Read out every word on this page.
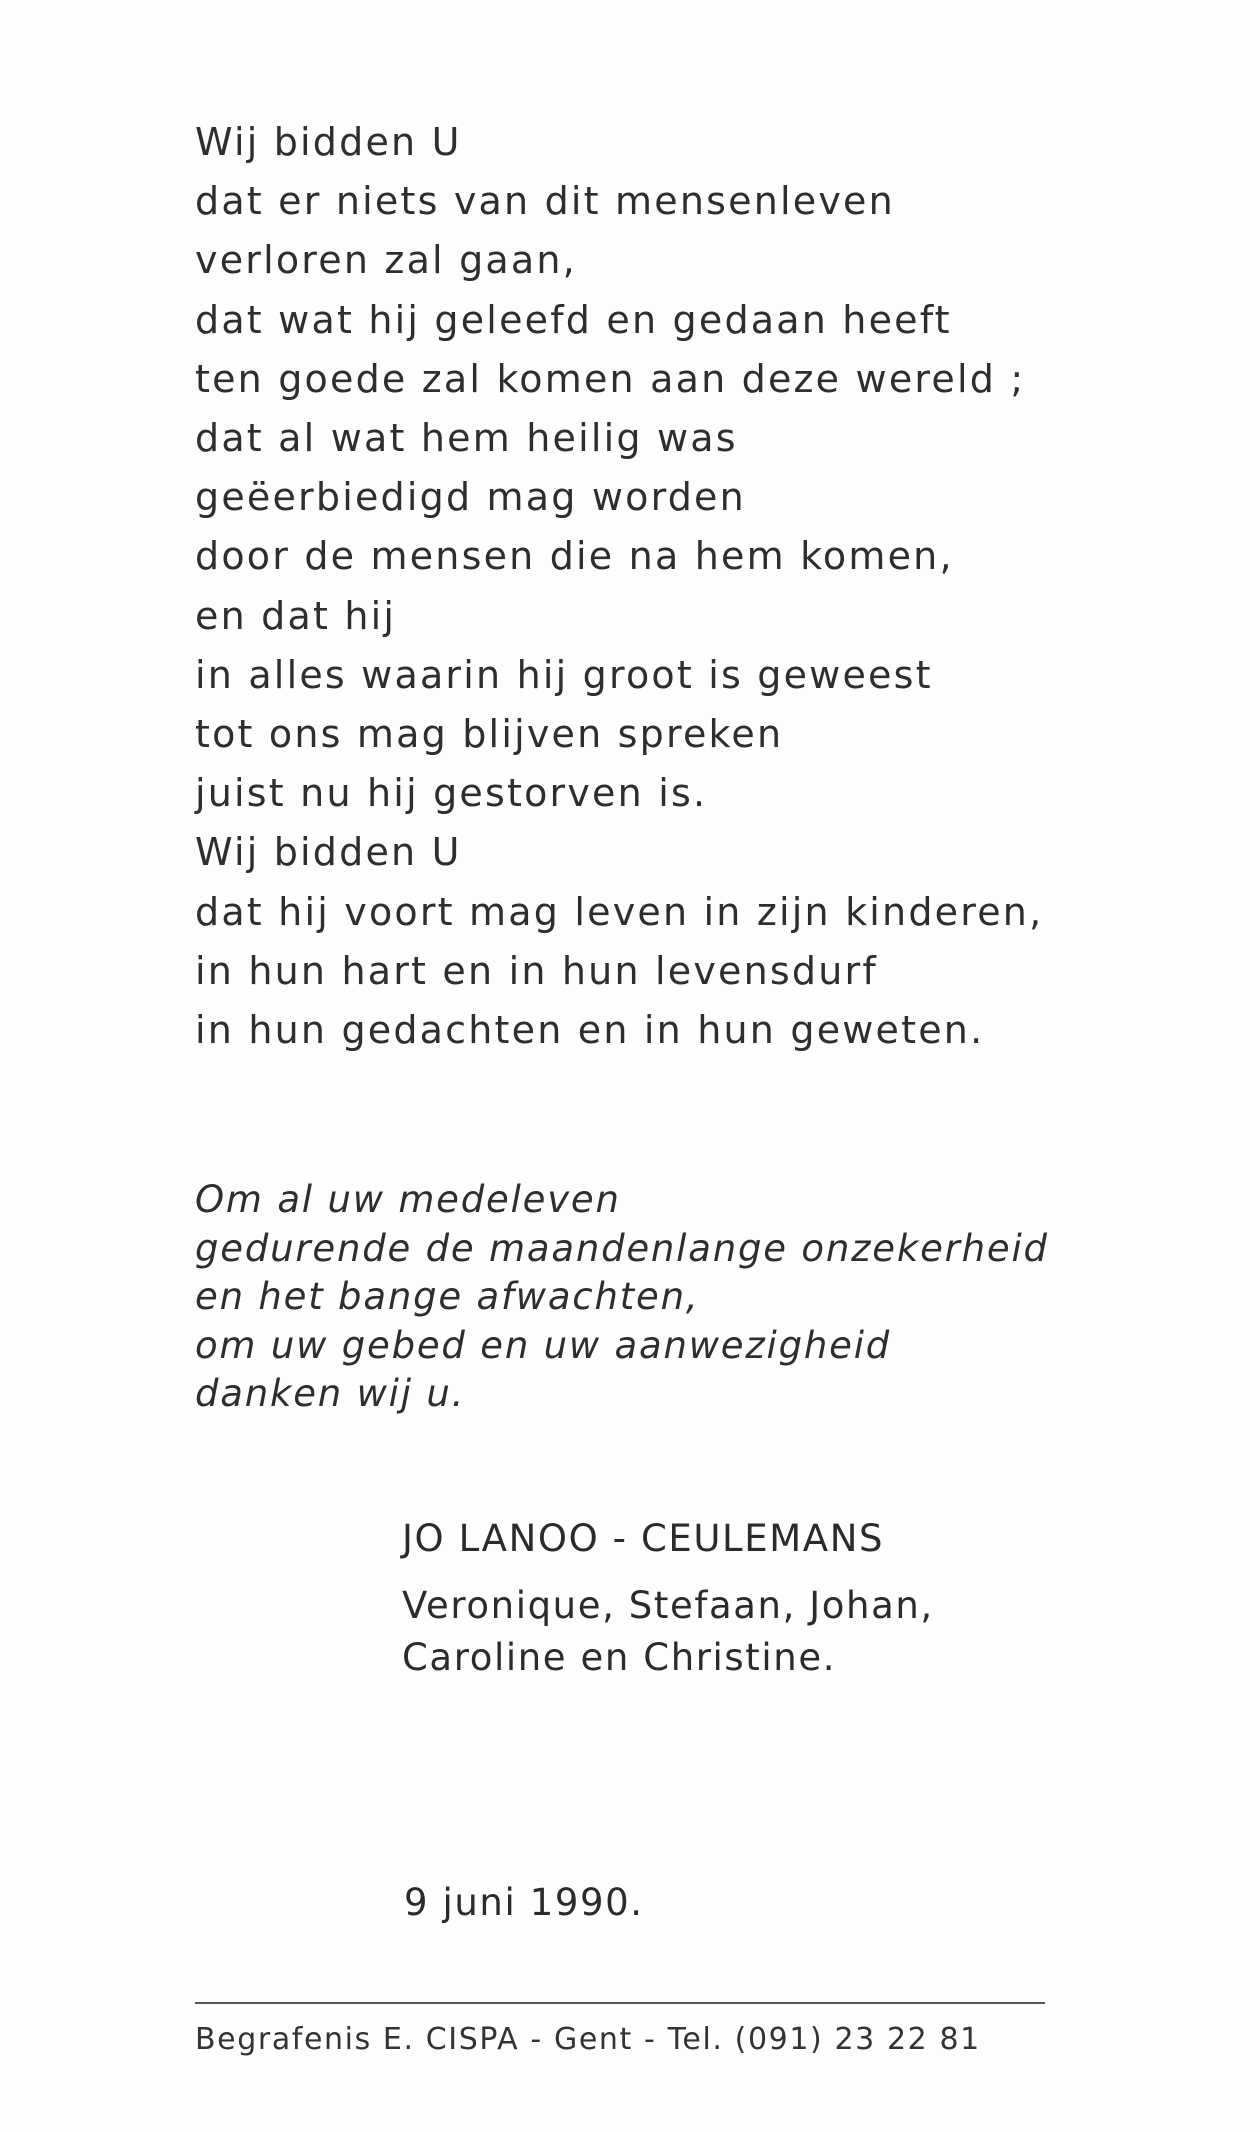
Wij bidden U
dat er niets van dit mensenleven
verloren zal gaan,
dat wat hij geleefd en gedaan heeft
ten goede zal komen aan deze wereld ;
dat al wat hem heilig was
geëerbiedigd mag worden
door de mensen die na hem komen,
en dat hij
in alles waarin hij groot is geweest
tot ons mag blijven spreken
juist nu hij gestorven is.
Wij bidden U
dat hij voort mag leven in zijn kinderen,
in hun hart en in hun levensdurf
in hun gedachten en in hun geweten.
Om al uw medeleven
gedurende de maandenlange onzekerheid
en het bange afwachten,
om uw gebed en uw aanwezigheid
danken wij u.
JO LANOO - CEULEMANS
Veronique, Stefaan, Johan,
Caroline en Christine.
9 juni 1990.
Begrafenis E. CISPA - Gent - Tel. (091) 23 22 81
